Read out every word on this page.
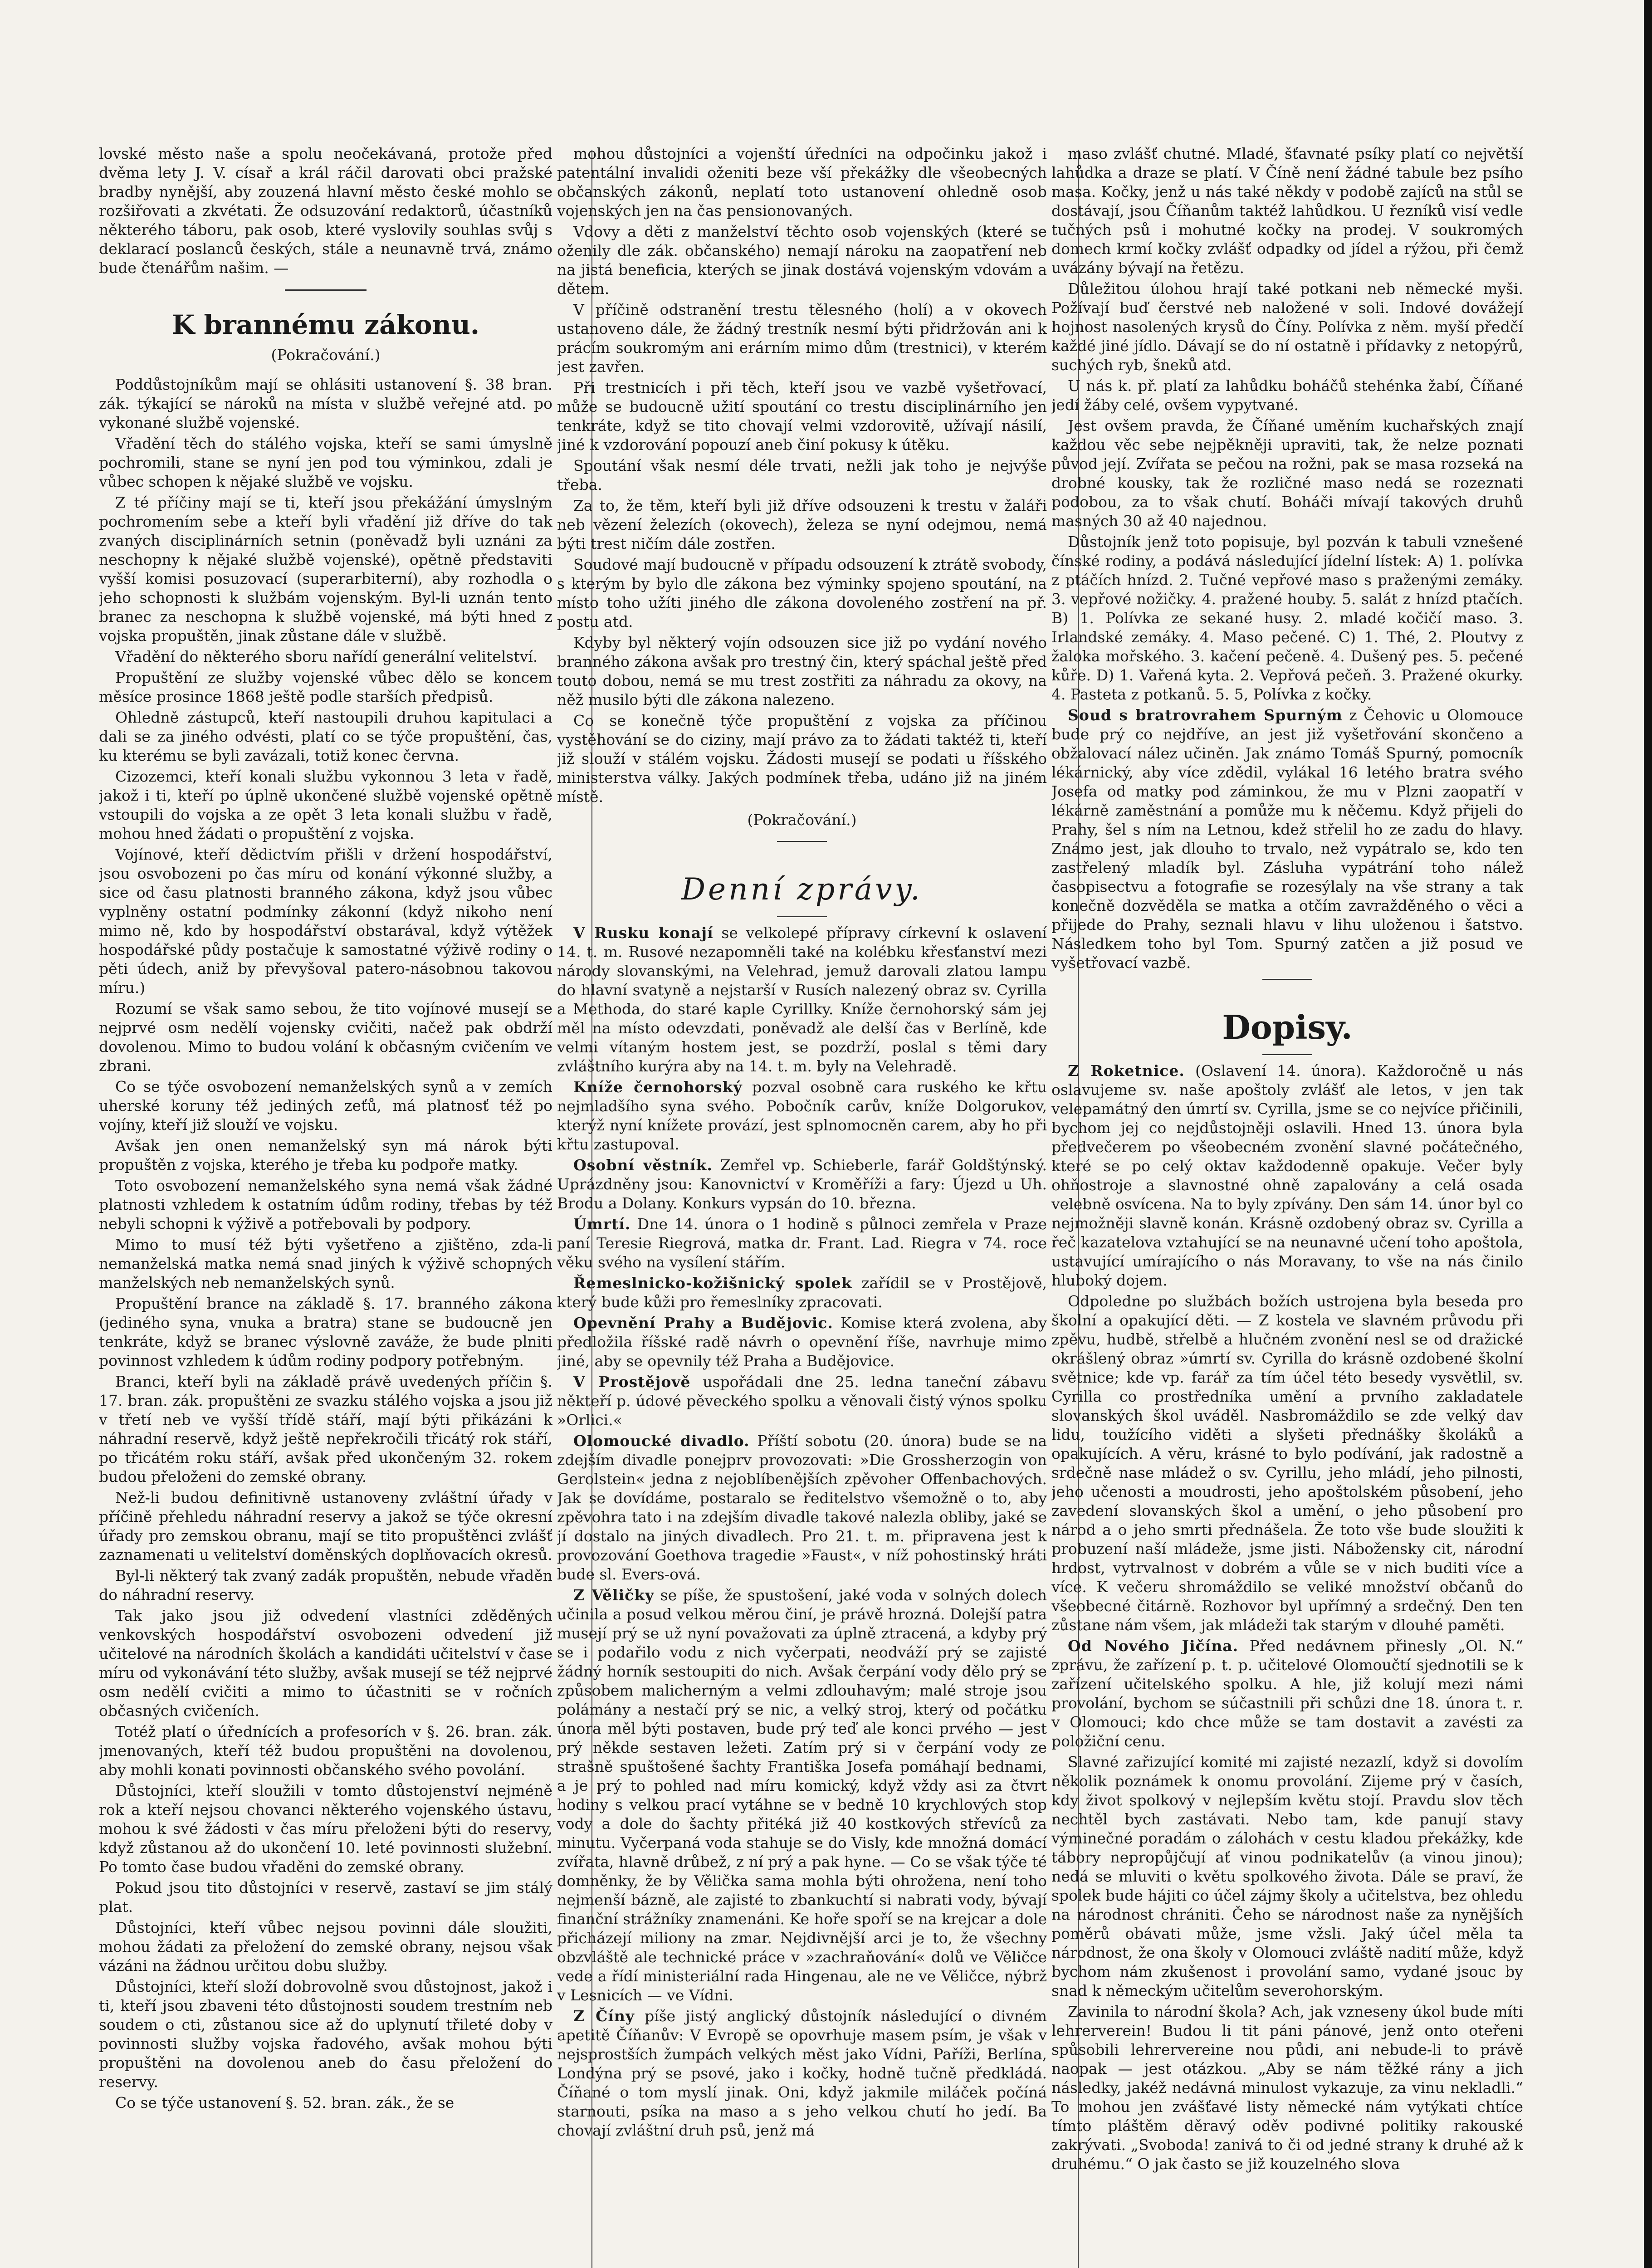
lovské město naše a spolu neočekávaná, protože před dvěma lety J. V. císař a král ráčil darovati obci pražské bradby nynější, aby zouzená hlavní město české mohlo se rozšiřovati a zkvétati. Že odsuzování redaktorů, účastníků některého táboru, pak osob, které vyslovily souhlas svůj s deklarací poslanců českých, stále a neunavně trvá, známo bude čtenářům našim. —

K brannému zákonu.
(Pokračování.)

Poddůstojníkům mají se ohlásiti ustanovení §. 38 bran. zák. týkající se nároků na místa v službě veřejné atd. po vykonané službě vojenské.

Vřadění těch do stálého vojska, kteří se sami úmyslně pochromili, stane se nyní jen pod tou výminkou, zdali je vůbec schopen k nějaké službě ve vojsku.

Z té příčiny mají se ti, kteří jsou překážání úmyslným pochromením sebe a kteří byli vřadění již dříve do tak zvaných disciplinárních setnin (poněvadž byli uznáni za neschopny k nějaké službě vojenské), opětně představiti vyšší komisi posuzovací (superarbiterní), aby rozhodla o jeho schopnosti k službám vojenským. Byl-li uznán tento branec za neschopna k službě vojenské, má býti hned z vojska propuštěn, jinak zůstane dále v službě.

Vřadění do některého sboru nařídí generální velitelství.

Propuštění ze služby vojenské vůbec dělo se koncem měsíce prosince 1868 ještě podle starších předpisů.

Ohledně zástupců, kteří nastoupili druhou kapitulaci a dali se za jiného odvésti, platí co se týče propuštění, čas, ku kterému se byli zavázali, totiž konec června.

Cizozemci, kteří konali službu vykonnou 3 leta v řadě, jakož i ti, kteří po úplně ukončené službě vojenské opětně vstoupili do vojska a ze opět 3 leta konali službu v řadě, mohou hned žádati o propuštění z vojska.

Vojínové, kteří dědictvím přišli v držení hospodářství, jsou osvobozeni po čas míru od konání výkonné služby, a sice od času platnosti branného zákona, když jsou vůbec vyplněny ostatní podmínky zákonní (když nikoho není mimo ně, kdo by hospodářství obstarával, když výtěžek hospodářské půdy postačuje k samostatné výživě rodiny o pěti údech, aniž by převyšoval patero-násobnou takovou míru.)

Rozumí se však samo sebou, že tito vojínové musejí se nejprvé osm nedělí vojensky cvičiti, načež pak obdrží dovolenou. Mimo to budou volání k občasným cvičením ve zbrani.

Co se týče osvobození nemanželských synů a v zemích uherské koruny též jediných zeťů, má platnosť též po vojíny, kteří již slouží ve vojsku.

Avšak jen onen nemanželský syn má nárok býti propuštěn z vojska, kterého je třeba ku podpoře matky.

Toto osvobození nemanželského syna nemá však žádné platnosti vzhledem k ostatním údům rodiny, třebas by též nebyli schopni k výživě a potřebovali by podpory.

Mimo to musí též býti vyšetřeno a zjištěno, zda-li nemanželská matka nemá snad jiných k výživě schopných manželských neb nemanželských synů.

Propuštění brance na základě §. 17. branného zákona (jediného syna, vnuka a bratra) stane se budoucně jen tenkráte, když se branec výslovně zaváže, že bude plniti povinnost vzhledem k údům rodiny podpory potřebným.

Branci, kteří byli na základě právě uvedených příčin §. 17. bran. zák. propuštěni ze svazku stálého vojska a jsou již v třetí neb ve vyšší třídě stáří, mají býti přikázáni k náhradní reservě, když ještě nepřekročili třicátý rok stáří, po třicátém roku stáří, avšak před ukončeným 32. rokem budou přeloženi do zemské obrany.

Než-li budou definitivně ustanoveny zvláštní úřady v příčině přehledu náhradní reservy a jakož se týče okresní úřady pro zemskou obranu, mají se tito propuštěnci zvlášť zaznamenati u velitelství doměnských doplňovacích okresů.

Byl-li některý tak zvaný zadák propuštěn, nebude vřaděn do náhradní reservy.

Tak jako jsou již odvedení vlastníci zděděných venkovských hospodářství osvobozeni odvedení již učitelové na národních školách a kandidáti učitelství v čase míru od vykonávání této služby, avšak musejí se též nejprvé osm nedělí cvičiti a mimo to účastniti se v ročních občasných cvičeních.

Totéž platí o úřednících a profesorích v §. 26. bran. zák. jmenovaných, kteří též budou propuštěni na dovolenou, aby mohli konati povinnosti občanského svého povolání.

Důstojníci, kteří sloužili v tomto důstojenství nejméně rok a kteří nejsou chovanci některého vojenského ústavu, mohou k své žádosti v čas míru přeloženi býti do reservy, když zůstanou až do ukončení 10. leté povinnosti služební. Po tomto čase budou vřaděni do zemské obrany.

Pokud jsou tito důstojníci v reservě, zastaví se jim stálý plat.

Důstojníci, kteří vůbec nejsou povinni dále sloužiti, mohou žádati za přeložení do zemské obrany, nejsou však vázáni na žádnou určitou dobu služby.

Důstojníci, kteří složí dobrovolně svou důstojnost, jakož i ti, kteří jsou zbaveni této důstojnosti soudem trestním neb soudem o cti, zůstanou sice až do uplynutí třileté doby v povinnosti služby vojska řadového, avšak mohou býti propuštěni na dovolenou aneb do času přeložení do reservy.

Co se týče ustanovení §. 52. bran. zák., že se

mohou důstojníci a vojenští úředníci na odpočinku jakož i patentální invalidi oženiti beze vší překážky dle všeobecných občanských zákonů, neplatí toto ustanovení ohledně osob vojenských jen na čas pensionovaných.

Vdovy a děti z manželství těchto osob vojenských (které se oženily dle zák. občanského) nemají nároku na zaopatření neb na jistá beneficia, kterých se jinak dostává vojenským vdovám a dětem.

V příčině odstranění trestu tělesného (holí) a v okovech ustanoveno dále, že žádný trestník nesmí býti přidržován ani k prácím soukromým ani erárním mimo dům (trestnici), v kterém jest zavřen.

Při trestnicích i při těch, kteří jsou ve vazbě vyšetřovací, může se budoucně užití spoutání co trestu disciplinárního jen tenkráte, když se tito chovají velmi vzdorovitě, užívají násilí, jiné k vzdorování popouzí aneb činí pokusy k útěku.

Spoutání však nesmí déle trvati, nežli jak toho je nejvýše třeba.

Za to, že těm, kteří byli již dříve odsouzeni k trestu v žaláři neb vězení železích (okovech), železa se nyní odejmou, nemá býti trest ničím dále zostřen.

Soudové mají budoucně v případu odsouzení k ztrátě svobody, s kterým by bylo dle zákona bez výminky spojeno spoutání, na místo toho užíti jiného dle zákona dovoleného zostření na př. postu atd.

Kdyby byl některý vojín odsouzen sice již po vydání nového branného zákona avšak pro trestný čin, který spáchal ještě před touto dobou, nemá se mu trest zostřiti za náhradu za okovy, na něž musilo býti dle zákona nalezeno.

Co se konečně týče propuštění z vojska za příčinou vystěhování se do ciziny, mají právo za to žádati taktéž ti, kteří již slouží v stálém vojsku. Žádosti musejí se podati u říšského ministerstva války. Jakých podmínek třeba, udáno již na jiném místě.

(Pokračování.)
Denní zprávy.

V Rusku konají se velkolepé přípravy církevní k oslavení 14. t. m. Rusové nezapomněli také na kolébku křesťanství mezi národy slovanskými, na Velehrad, jemuž darovali zlatou lampu do hlavní svatyně a nejstarší v Rusích nalezený obraz sv. Cyrilla a Methoda, do staré kaple Cyrillky. Kníže černohorský sám jej měl na místo odevzdati, poněvadž ale delší čas v Berlíně, kde velmi vítaným hostem jest, se pozdrží, poslal s těmi dary zvláštního kurýra aby na 14. t. m. byly na Velehradě.

Kníže černohorský pozval osobně cara ruského ke křtu nejmladšího syna svého. Pobočník carův, kníže Dolgorukov, kterýž nyní knížete provází, jest splnomocněn carem, aby ho při křtu zastupoval.

Osobní věstník. Zemřel vp. Schieberle, farář Goldštýnský. Uprázdněny jsou: Kanovnictví v Kroměříži a fary: Újezd u Uh. Brodu a Dolany. Konkurs vypsán do 10. března.

Úmrtí. Dne 14. února o 1 hodině s půlnoci zemřela v Praze paní Teresie Riegrová, matka dr. Frant. Lad. Riegra v 74. roce věku svého na vysílení stářím.

Řemeslnicko-kožišnický spolek zařídil se v Prostějově, který bude kůži pro řemeslníky zpracovati.

Opevnění Prahy a Budějovic. Komise která zvolena, aby předložila říšské radě návrh o opevnění říše, navrhuje mimo jiné, aby se opevnily též Praha a Budějovice.

V Prostějově uspořádali dne 25. ledna taneční zábavu někteří p. údové pěveckého spolku a věnovali čistý výnos spolku »Orlici.«

Olomoucké divadlo. Příští sobotu (20. února) bude se na zdejším divadle ponejprv provozovati: »Die Grossherzogin von Gerolstein« jedna z nejoblíbenějších zpěvoher Offenbachových. Jak se dovídáme, postaralo se ředitelstvo všemožně o to, aby zpěvohra tato i na zdejším divadle takové nalezla obliby, jaké se jí dostalo na jiných divadlech. Pro 21. t. m. připravena jest k provozování Goethova tragedie »Faust«, v níž pohostinský hráti bude sl. Evers-ová.

Z Věličky se píše, že spustošení, jaké voda v solných dolech učinila a posud velkou měrou činí, je právě hrozná. Dolejší patra musejí prý se už nyní považovati za úplně ztracená, a kdyby prý se i podařilo vodu z nich vyčerpati, neodváží prý se zajisté žádný horník sestoupiti do nich. Avšak čerpání vody dělo prý se způsobem malicherným a velmi zdlouhavým; malé stroje jsou polámány a nestačí prý se nic, a velký stroj, který od počátku února měl býti postaven, bude prý teď ale konci prvého — jest prý někde sestaven ležeti. Zatím prý si v čerpání vody ze strašně spuštošené šachty Františka Josefa pomáhají bednami, a je prý to pohled nad míru komický, když vždy asi za čtvrt hodiny s velkou prací vytáhne se v bedně 10 krychlových stop vody a dole do šachty přitéká již 40 kostkových střevíců za minutu. Vyčerpaná voda stahuje se do Visly, kde množná domácí zvířata, hlavně drůbež, z ní prý a pak hyne. — Co se však týče té domněnky, že by Vělička sama mohla býti ohrožena, není toho nejmenší bázně, ale zajisté to zbankuchtí si nabrati vody, bývají finanční strážníky znamenáni. Ke hoře spoří se na krejcar a dole přicházejí miliony na zmar. Nejdivnější arci je to, že všechny obzvláště ale technické práce v »zachraňování« dolů ve Věličce vede a řídí ministeriální rada Hingenau, ale ne ve Věličce, nýbrž v Lesnicích — ve Vídni.

Z Číny píše jistý anglický důstojník následující o divném apetitě Číňanův: V Evropě se opovrhuje masem psím, je však v nejsprostších žumpách velkých měst jako Vídni, Paříži, Berlína, Londýna prý se psové, jako i kočky, hodně tučně předkládá. Číňané o tom myslí jinak. Oni, když jakmile miláček počíná starnouti, psíka na maso a s jeho velkou chutí ho jedí. Ba chovají zvláštní druh psů, jenž má

maso zvlášť chutné. Mladé, šťavnaté psíky platí co největší lahůdka a draze se platí. V Číně není žádné tabule bez psího masa. Kočky, jenž u nás také někdy v podobě zajíců na stůl se dostávají, jsou Číňanům taktéž lahůdkou. U řezníků visí vedle tučných psů i mohutné kočky na prodej. V soukromých domech krmí kočky zvlášť odpadky od jídel a rýžou, při čemž uvázány bývají na řetězu.

Důležitou úlohou hrají také potkani neb německé myši. Požívají buď čerstvé neb naložené v soli. Indové dovážejí hojnost nasolených krysů do Číny. Polívka z něm. myší předčí každé jiné jídlo. Dávají se do ní ostatně i přídavky z netopýrů, suchých ryb, šneků atd.

U nás k. př. platí za lahůdku boháčů stehénka žabí, Číňané jedí žáby celé, ovšem vypytvané.

Jest ovšem pravda, že Číňané uměním kuchařských znají každou věc sebe nejpěkněji upraviti, tak, že nelze poznati původ její. Zvířata se pečou na rožni, pak se masa rozseká na drobné kousky, tak že rozličné maso nedá se rozeznati podobou, za to však chutí. Boháči mívají takových druhů masných 30 až 40 najednou.

Důstojník jenž toto popisuje, byl pozván k tabuli vznešené čínské rodiny, a podává následující jídelní lístek: A) 1. polívka z ptáčích hnízd. 2. Tučné vepřové maso s praženými zemáky. 3. vepřové nožičky. 4. pražené houby. 5. salát z hnízd ptačích. B) 1. Polívka ze sekané husy. 2. mladé kočičí maso. 3. Irlandské zemáky. 4. Maso pečené. C) 1. Thé, 2. Ploutvy z žaloka mořského. 3. kačení pečeně. 4. Dušený pes. 5. pečené kůře. D) 1. Vařená kyta. 2. Vepřová pečeň. 3. Pražené okurky. 4. Pasteta z potkanů. 5. 5, Polívka z kočky.

Soud s bratrovrahem Spurným z Čehovic u Olomouce bude prý co nejdříve, an jest již vyšetřování skončeno a obžalovací nález učiněn. Jak známo Tomáš Spurný, pomocník lékárnický, aby více zdědil, vylákal 16 letého bratra svého Josefa od matky pod záminkou, že mu v Plzni zaopatří v lékárně zaměstnání a pomůže mu k něčemu. Když přijeli do Prahy, šel s ním na Letnou, kdež střelil ho ze zadu do hlavy. Známo jest, jak dlouho to trvalo, než vypátralo se, kdo ten zastřelený mladík byl. Zásluha vypátrání toho nálež časopisectvu a fotografie se rozesýlaly na vše strany a tak konečně dozvěděla se matka a otčím zavražděného o věci a přijede do Prahy, seznali hlavu v lihu uloženou i šatstvo. Následkem toho byl Tom. Spurný zatčen a již posud ve vyšetřovací vazbě.

Dopisy.

Z Roketnice. (Oslavení 14. února). Každoročně u nás oslavujeme sv. naše apoštoly zvlášť ale letos, v jen tak velepamátný den úmrtí sv. Cyrilla, jsme se co nejvíce přičinili, bychom jej co nejdůstojněji oslavili. Hned 13. února byla předvečerem po všeobecném zvonění slavné počátečného, které se po celý oktav každodenně opakuje. Večer byly ohňostroje a slavnostné ohně zapalovány a celá osada velebně osvícena. Na to byly zpívány. Den sám 14. únor byl co nejmožněji slavně konán. Krásně ozdobený obraz sv. Cyrilla a řeč kazatelova vztahující se na neunavné učení toho apoštola, ustavující umírajícího o nás Moravany, to vše na nás činilo hluboký dojem.

Odpoledne po službách božích ustrojena byla beseda pro školní a opakující děti. — Z kostela ve slavném průvodu při zpěvu, hudbě, střelbě a hlučném zvonění nesl se od dražické okrášlený obraz »úmrtí sv. Cyrilla do krásně ozdobené školní světnice; kde vp. farář za tím účel této besedy vysvětlil, sv. Cyrilla co prostředníka umění a prvního zakladatele slovanských škol uváděl. Nasbromáždilo se zde velký dav lidu, toužícího viděti a slyšeti přednášky školáků a opakujících. A věru, krásné to bylo podívání, jak radostně a srdečně nase mládež o sv. Cyrillu, jeho mládí, jeho pilnosti, jeho učenosti a moudrosti, jeho apoštolském působení, jeho zavedení slovanských škol a umění, o jeho působení pro národ a o jeho smrti přednášela. Že toto vše bude sloužiti k probuzení naší mládeže, jsme jisti. Nábožensky cit, národní hrdost, vytrvalnost v dobrém a vůle se v nich buditi více a více. K večeru shromáždilo se veliké množství občanů do všeobecné čitárně. Rozhovor byl upřímný a srdečný. Den ten zůstane nám všem, jak mládeži tak starým v dlouhé paměti.

Od Nového Jičína. Před nedávnem přinesly „Ol. N.“ zprávu, že zařízení p. t. p. učitelové Olomoučtí sjednotili se k zařízení učitelského spolku. A hle, již kolují mezi námi provolání, bychom se súčastnili při schůzi dne 18. února t. r. v Olomouci; kdo chce může se tam dostavit a zavésti za položiční cenu.

Slavné zařizující komité mi zajisté nezazlí, když si dovolím několik poznámek k onomu provolání. Zijeme prý v časích, kdy život spolkový v nejlepším květu stojí. Pravdu slov těch nechtěl bych zastávati. Nebo tam, kde panují stavy výminečné poradám o zálohách v cestu kladou překážky, kde tábory nepropůjčují ať vinou podnikatelův (a vinou jinou); nedá se mluviti o květu spolkového života. Dále se praví, že spolek bude hájiti co účel zájmy školy a učitelstva, bez ohledu na národnost chrániti. Čeho se národnost naše za nynějších poměrů obávati může, jsme vžsli. Jaký účel měla ta národnost, že ona školy v Olomouci zvláště nadití může, když bychom nám zkušenost i provolání samo, vydané jsouc by snad k německým učitelům severohorským.

Zavinila to národní škola? Ach, jak vzneseny úkol bude míti lehrerverein! Budou li tit páni pánové, jenž onto oteřeni spůsobili lehrervereine nou půdi, ani nebude-li to právě naopak — jest otázkou. „Aby se nám těžké rány a jich následky, jakéž nedávná minulost vykazuje, za vinu nekladli.“ To mohou jen zvášťavé listy německé nám vytýkati chtíce tímto pláštěm děravý oděv podivné politiky rakouské zakrývati. „Svoboda! zanivá to či od jedné strany k druhé až k druhému.“ O jak často se již kouzelného slova
